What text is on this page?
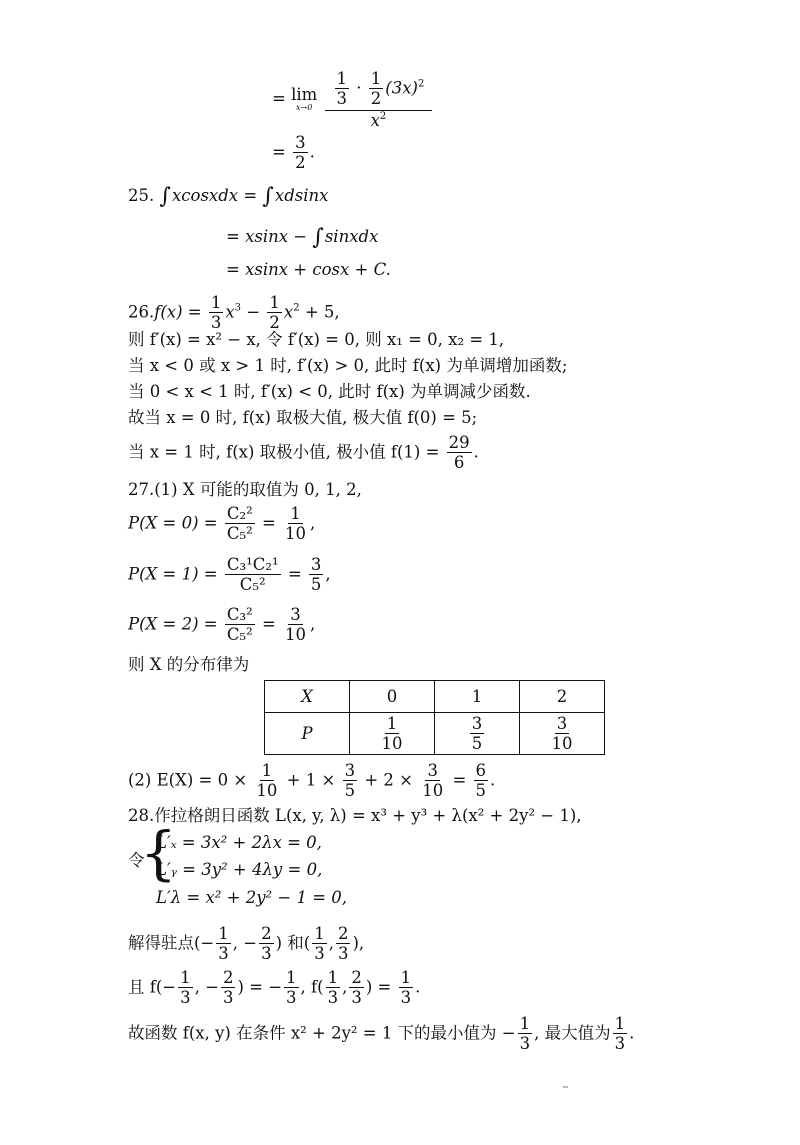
= lim
x→0
$\frac{\frac{1}{3} \cdot \frac{1}{2} (3x)^2}{x^2}$
= $\frac{3}{2}$ .
25. ∫xcosxdx = ∫xdsinx
= xsinx − ∫sinxdx
= xsinx + cosx + C.
$26.f(x) = \frac{1}{3} x^3 - \frac{1}{2} x^2 + 5$,
则 f′(x) = x² − x, 令 f′(x) = 0, 则 x₁ = 0, x₂ = 1,
当 x < 0 或 x > 1 时, f′(x) > 0, 此时 f(x) 为单调增加函数;
当 0 < x < 1 时, f′(x) < 0, 此时 f(x) 为单调减少函数.
故当 x = 0 时, f(x) 取极大值, 极大值 f(0) = 5;
当 x = 1 时, f(x) 取极小值, 极小值 $f(1) = \frac{29}{6}$ .
27.(1) X 可能的取值为 0, 1, 2,
$P(X = 0) = \frac{\text{C₂²}}{\text{C₅²}} = \frac{1}{10}$ ,
$P(X = 1) = \frac{\text{C₃¹C₂¹}}{\text{C₅²}} = \frac{3}{5}$ ,
$P(X = 2) = \frac{\text{C₃²}}{\text{C₅²}} = \frac{3}{10}$ ,
则 X 的分布律为
X	0	1	2
P	$\frac{1}{10}$	$\frac{3}{5}$	$\frac{3}{10}$
(2) $E(X) = 0 \times \frac{1}{10} + 1 \times \frac{3}{5} + 2 \times \frac{3}{10} = \frac{6}{5}$ .
28.作拉格朗日函数 L(x, y, λ) = x³ + y³ + λ(x² + 2y² − 1),
令
{
L′ₓ = 3x² + 2λx = 0,
L′ᵧ = 3y² + 4λy = 0,
L′λ = x² + 2y² − 1 = 0,
解得驻点(− $\frac{1}{3}$ , − $\frac{2}{3}$ ) 和( $\frac{1}{3}$ , $\frac{2}{3}$ ),
且 $f(- \frac{1}{3}$ , − $\frac{2}{3}$ ) = − $\frac{1}{3}$ , $f( \frac{1}{3}$ , $\frac{2}{3}$ ) = $\frac{1}{3}$ .
故函数 f(x, y) 在条件 x² + 2y² = 1 下的最小值为 − $\frac{1}{3}$ , 最大值为 $\frac{1}{3}$ .
